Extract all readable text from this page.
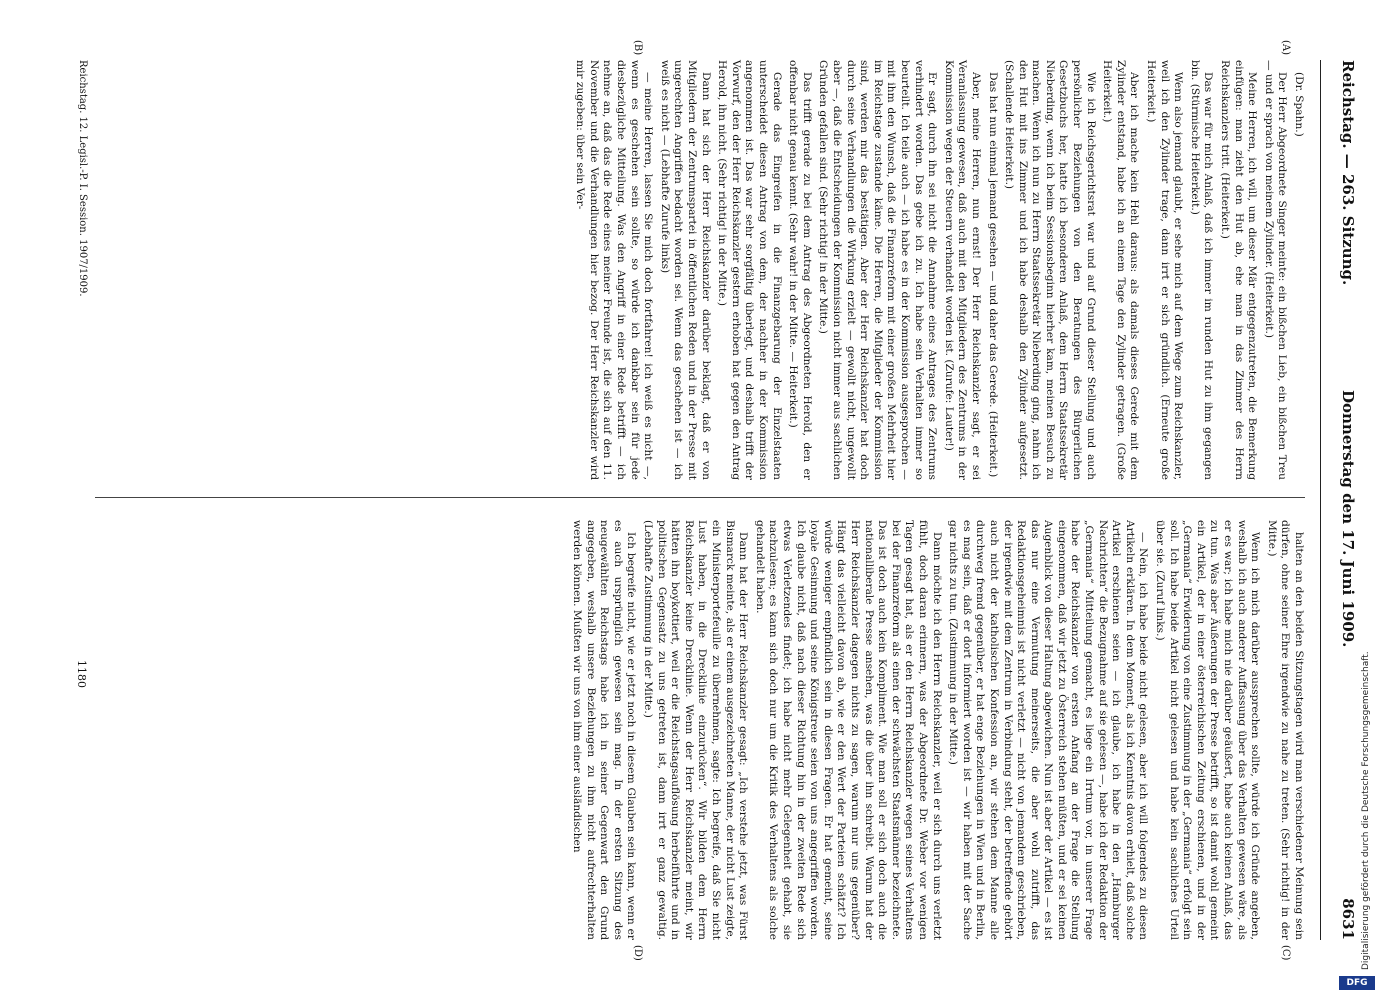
Reichstag. — 263. Sitzung.
Donnerstag den 17. Juni 1909.
8631
(A)
(B)
(C)
(D)

(Dr. Spahn.)

Der Herr Abgeordnete Singer meinte: ein bißchen Lieb, ein bißchen Treu — und er sprach von meinem Zylinder. (Heiterkeit.)

Meine Herren, ich will, um dieser Mär entgegenzutreten, die Bemerkung einfügen: man zieht den Hut ab, ehe man in das Zimmer des Herrn Reichskanzlers tritt. (Heiterkeit.)

Das war für mich Anlaß, daß ich immer im runden Hut zu ihm gegangen bin. (Stürmische Heiterkeit.)

Wenn also jemand glaubt, er sehe mich auf dem Wege zum Reichskanzler, weil ich den Zylinder trage, dann irrt er sich gründlich. (Erneute große Heiterkeit.)

Aber ich mache kein Hehl daraus: als damals dieses Gerede mit dem Zylinder entstand, habe ich an einem Tage den Zylinder getragen. (Große Heiterkeit.)

Wie ich Reichsgerichtsrat war und auf Grund dieser Stellung und auch persönlicher Beziehungen von den Beratungen des Bürgerlichen Gesetzbuchs her, hatte ich besonderen Anlaß, dem Herrn Staatssekretär Nieberding, wenn ich beim Sessionsbeginn hierher kam, meinen Besuch zu machen. Wenn ich nun zu Herrn Staatssekretär Nieberding ging, nahm ich den Hut mit ins Zimmer und ich habe deshalb den Zylinder aufgesetzt. (Schallende Heiterkeit.)

Das hat nun einmal jemand gesehen — und daher das Gerede. (Heiterkeit.)

Aber, meine Herren, nun ernst! Der Herr Reichskanzler sagt, er sei Veranlassung gewesen, daß auch mit den Mitgliedern des Zentrums in der Kommission wegen der Steuern verhandelt worden ist. (Zurufe: Lauter!)

Er sagt, durch ihn sei nicht die Annahme eines Antrages des Zentrums verhindert worden. Das gebe ich zu. Ich habe sein Verhalten immer so beurteilt. Ich teile auch — ich habe es in der Kommission ausgesprochen — mit ihm den Wunsch, daß die Finanzreform mit einer großen Mehrheit hier im Reichstage zustande käme. Die Herren, die Mitglieder der Kommission sind, werden mir das bestätigen. Aber der Herr Reichskanzler hat doch durch seine Verhandlungen die Wirkung erzielt — gewollt nicht, ungewollt aber —, daß die Entscheidungen der Kommission nicht immer aus sachlichen Gründen gefallen sind. (Sehr richtig! in der Mitte.)

Das trifft gerade zu bei dem Antrag des Abgeordneten Herold, den er offenbar nicht genau kennt. (Sehr wahr! in der Mitte. — Heiterkeit.)

Gerade das Eingreifen in die Finanzgebarung der Einzelstaaten unterscheidet diesen Antrag von dem, der nachher in der Kommission angenommen ist. Das war sehr sorgfältig überlegt, und deshalb trifft der Vorwurf, den der Herr Reichskanzler gestern erhoben hat gegen den Antrag Herold, ihn nicht. (Sehr richtig! in der Mitte.)

Dann hat sich der Herr Reichskanzler darüber beklagt, daß er von Mitgliedern der Zentrumspartei in öffentlichen Reden und in der Presse mit ungerechten Angriffen bedacht worden sei. Wenn das geschehen ist — ich weiß es nicht — (Lebhafte Zurufe links)

— meine Herren, lassen Sie mich doch fortfahren! ich weiß es nicht —, wenn es geschehen sein sollte, so würde ich dankbar sein für jede diesbezügliche Mitteilung. Was den Angriff in einer Rede betrifft — ich nehme an, daß das die Rede eines meiner Freunde ist, die sich auf den 11. November und die Verhandlungen hier bezog. Der Herr Reichskanzler wird mir zugeben: über sein Ver-

halten an den beiden Sitzungstagen wird man verschiedener Meinung sein dürfen, ohne seiner Ehre irgendwie zu nahe zu treten. (Sehr richtig! in der Mitte.)

Wenn ich mich darüber aussprechen sollte, würde ich Gründe angeben, weshalb ich auch anderer Auffassung über das Verhalten gewesen wäre, als er es war; ich habe mich nie darüber geäußert, habe auch keinen Anlaß, das zu tun. Was aber Äußerungen der Presse betrifft, so ist damit wohl gemeint ein Artikel, der in einer österreichischen Zeitung erschienen, und in der „Germania“ Erwiderung von eine Zustimmung in der „Germania“ erfolgt sein soll. Ich habe beide Artikel nicht gelesen und habe kein sachliches Urteil über sie. (Zuruf links.)

— Nein, ich habe beide nicht gelesen, aber ich will folgendes zu diesen Artikeln erklären. In dem Moment, als ich Kenntnis davon erhielt, daß solche Artikel erschienen seien — ich glaube, ich habe in den „Hamburger Nachrichten“ die Bezugnahme auf sie gelesen —, habe ich der Redaktion der „Germania“ Mitteilung gemacht, es liege ein Irrtum vor, in unserer Frage habe der Reichskanzler von ersten Anfang an der Frage die Stellung eingenommen, daß wir jetzt zu Österreich stehen müßten, und er sei keinen Augenblick von dieser Haltung abgewichen. Nun ist aber der Artikel — es ist das nur eine Vermutung meinerseits, die aber wohl zutrifft, das Redaktionsgeheimnis ist nicht verletzt — nicht von jemandem geschrieben, der irgendwie mit dem Zentrum in Verbindung steht, der betreffende gehört auch nicht der katholischen Konfession an, wir stehen dem Manne alle durchweg fremd gegenüber, er hat enge Beziehungen in Wien und in Berlin, es mag sein, daß er dort informiert worden ist — wir haben mit der Sache gar nichts zu tun. (Zustimmung in der Mitte.)

Dann möchte ich den Herrn Reichskanzler, weil er sich durch uns verletzt fühlt, doch daran erinnern, was der Abgeordnete Dr. Weber vor wenigen Tagen gesagt hat, als er den Herrn Reichskanzler wegen seines Verhaltens bei der Finanzreform als einen der schwächsten Staatsmänner bezeichnete. Das ist doch auch kein Kompliment. Wie man soll er sich doch auch die nationalliberale Presse ansehen, was die über ihn schreibt. Warum hat der Herr Reichskanzler dagegen nichts zu sagen, warum nur uns gegenüber? Hängt das vielleicht davon ab, wie er den Wert der Parteien schätzt? Ich würde weniger empfindlich sein in diesen Fragen. Er hat gemeint, seine loyale Gesinnung und seine Königstreue seien von uns angegriffen worden. Ich glaube nicht, daß nach dieser Richtung hin in der zweiten Rede sich etwas Verletzendes findet; ich habe nicht mehr Gelegenheit gehabt, sie nachzulesen; es kann sich doch nur um die Kritik des Verhaltens als solche gehandelt haben.

Dann hat der Herr Reichskanzler gesagt: „Ich verstehe jetzt, was Fürst Bismarck meinte, als er einem ausgezeichneten Manne, der nicht Lust zeigte, ein Ministerportefeuille zu übernehmen, sagte: Ich begreife, daß Sie nicht Lust haben, in die Drecklinie einzurücken“. Wir bilden dem Herrn Reichskanzler keine Drecklinie. Wenn der Herr Reichskanzler meint, wir hätten ihn boykottiert, weil er die Reichstagsauflösung herbeiführte und in politischen Gegensatz zu uns getreten ist, dann irrt er ganz gewaltig. (Lebhafte Zustimmung in der Mitte.)

Ich begreife nicht, wie er jetzt noch in diesem Glauben sein kann, wenn er es auch ursprünglich gewesen sein mag. In der ersten Sitzung des neugewählten Reichstags habe ich in seiner Gegenwart den Grund angegeben, weshalb unsere Beziehungen zu ihm nicht aufrechterhalten werden können. Mußten wir uns von ihm einer ausländischen

Reichstag. 12. Legisl.-P. I. Session. 1907/1909.
1180	Digitalisierung gefördert durch die Deutsche Forschungsgemeinschaft.
DFG
